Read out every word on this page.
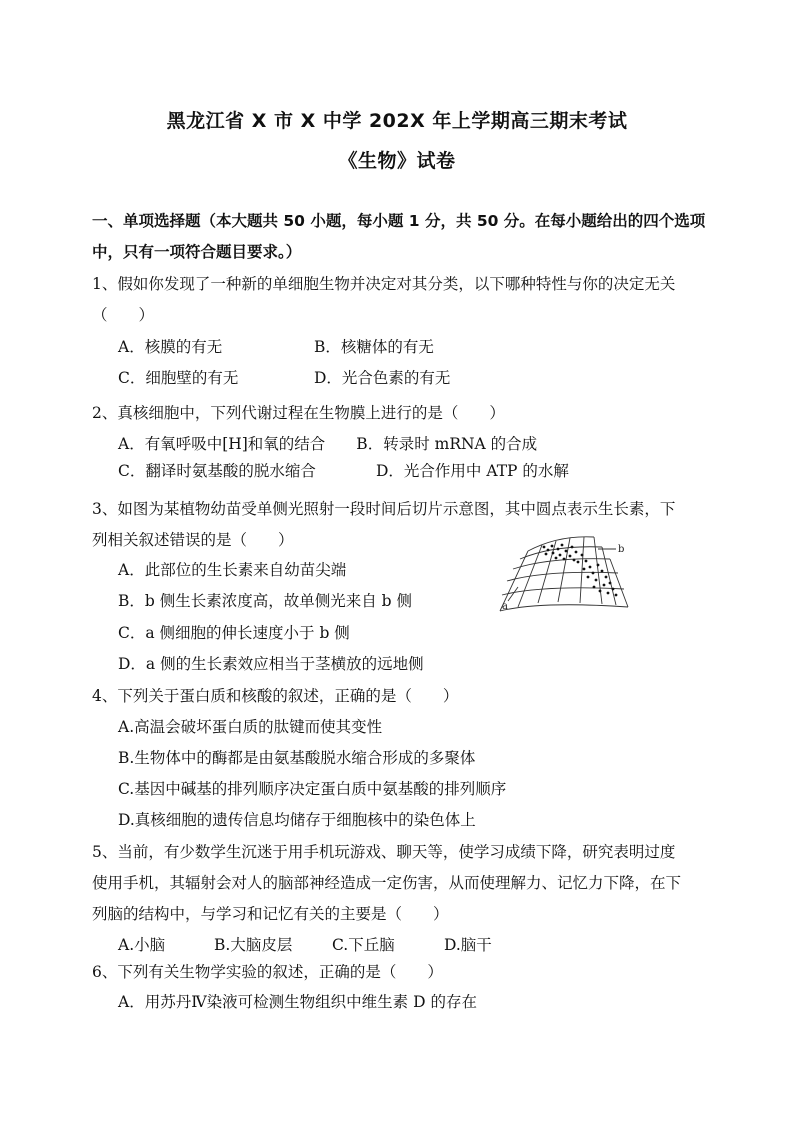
黑龙江省 X 市 X 中学 202X 年上学期高三期末考试
《生物》试卷
一、单项选择题（本大题共 50 小题，每小题 1 分，共 50 分。在每小题给出的四个选项
中，只有一项符合题目要求。）
1、假如你发现了一种新的单细胞生物并决定对其分类，以下哪种特性与你的决定无关
（　　）
A．核膜的有无	B．核糖体的有无
C．细胞壁的有无	D．光合色素的有无
2、真核细胞中，下列代谢过程在生物膜上进行的是（　　）
A．有氧呼吸中[H]和氧的结合　　B．转录时 mRNA 的合成
C．翻译时氨基酸的脱水缩合	D．光合作用中 ATP 的水解
3、如图为某植物幼苗受单侧光照射一段时间后切片示意图，其中圆点表示生长素，下
列相关叙述错误的是（　　）
A．此部位的生长素来自幼苗尖端
B．b 侧生长素浓度高，故单侧光来自 b 侧
C．a 侧细胞的伸长速度小于 b 侧
D．a 侧的生长素效应相当于茎横放的远地侧
b
a
4、下列关于蛋白质和核酸的叙述，正确的是（　　）
A.高温会破坏蛋白质的肽键而使其变性
B.生物体中的酶都是由氨基酸脱水缩合形成的多聚体
C.基因中碱基的排列顺序决定蛋白质中氨基酸的排列顺序
D.真核细胞的遗传信息均储存于细胞核中的染色体上
5、当前，有少数学生沉迷于用手机玩游戏、聊天等，使学习成绩下降，研究表明过度
使用手机，其辐射会对人的脑部神经造成一定伤害，从而使理解力、记忆力下降，在下
列脑的结构中，与学习和记忆有关的主要是（　　）
A.小脑	B.大脑皮层	C.下丘脑	D.脑干
6、下列有关生物学实验的叙述，正确的是（　　）
A．用苏丹Ⅳ染液可检测生物组织中维生素 D 的存在
